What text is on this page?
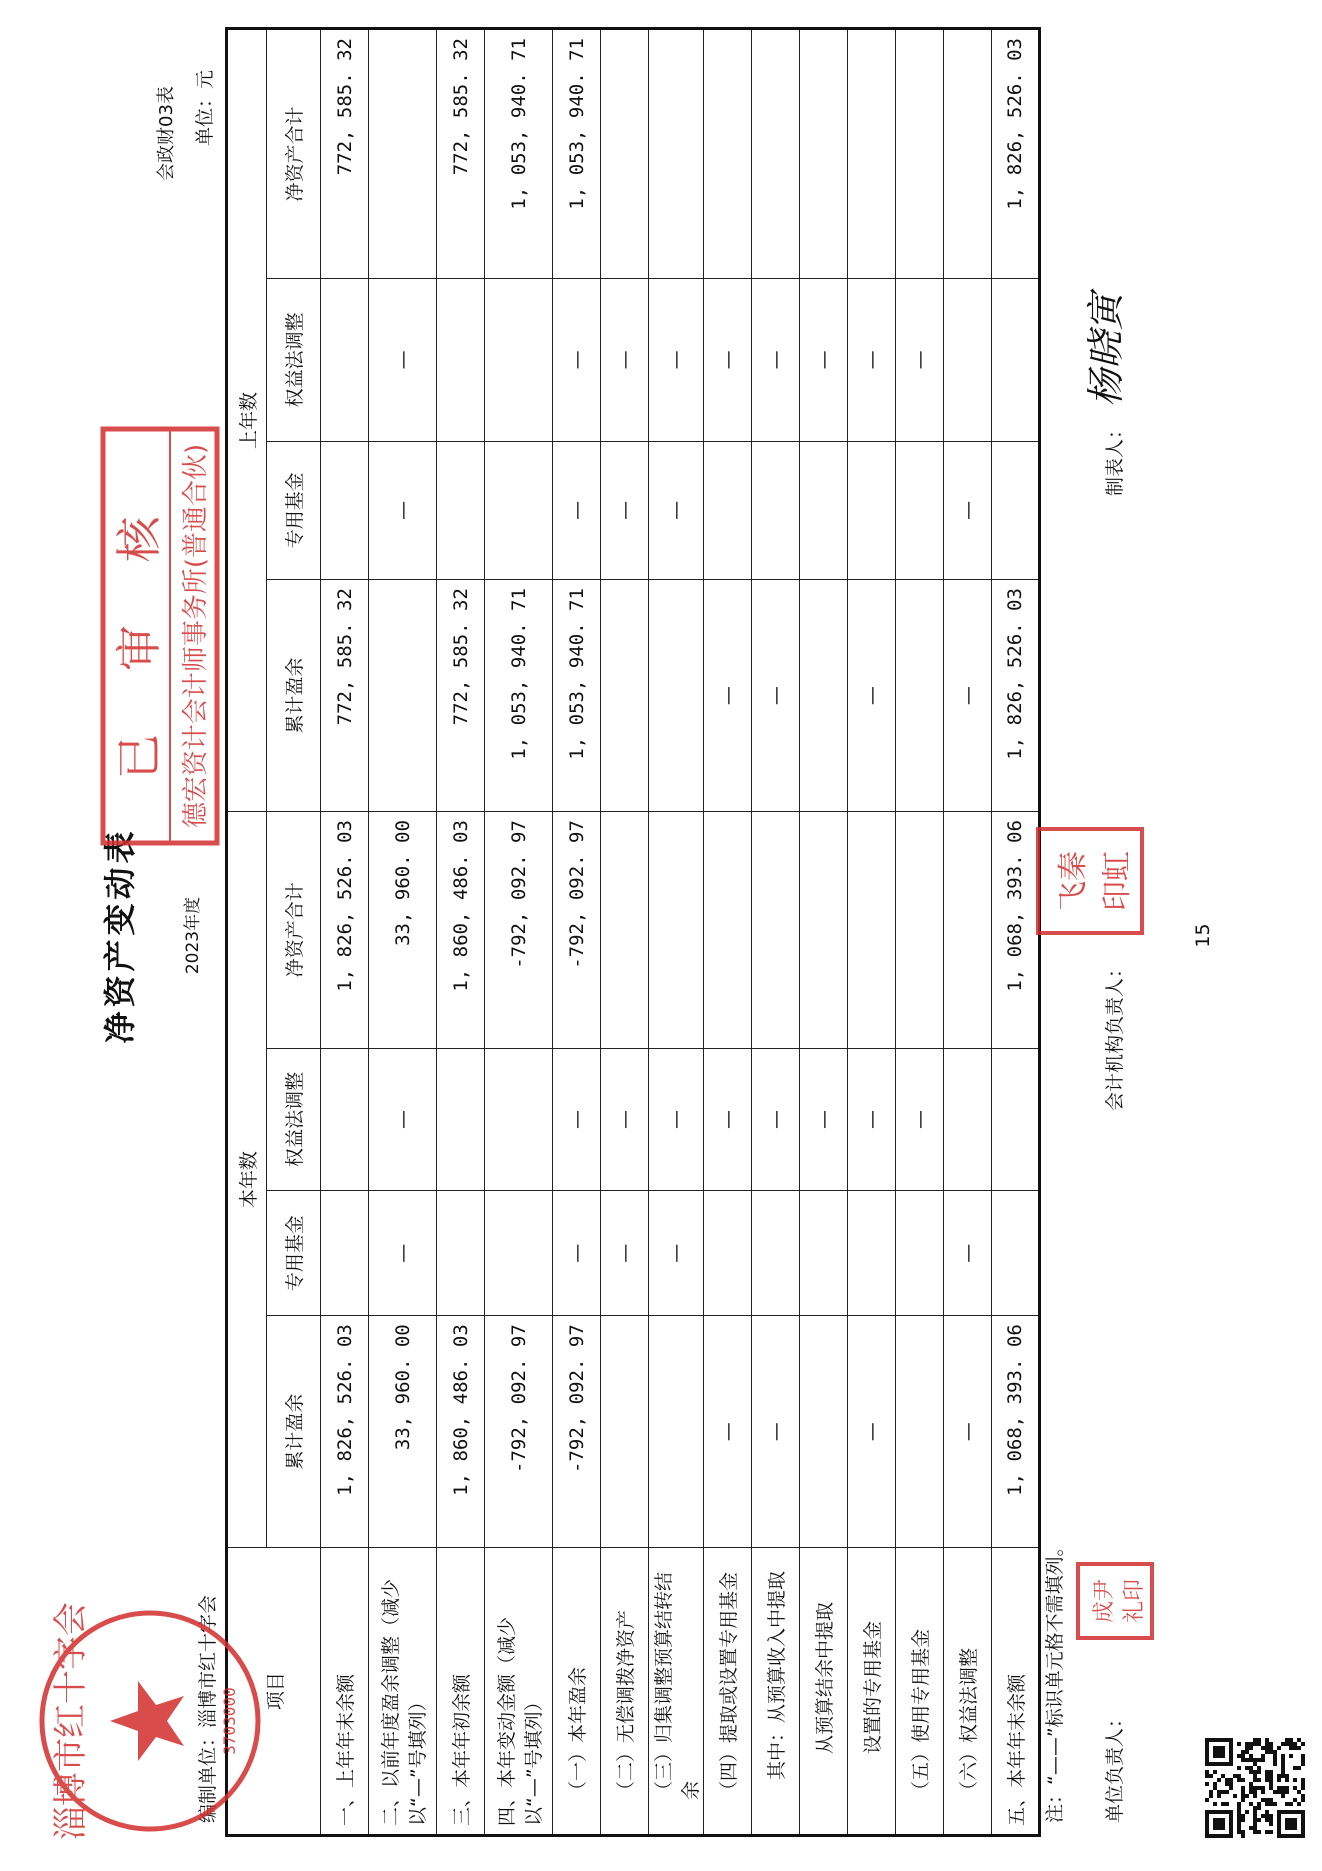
净资产变动表
会政财03表
2023年度
编制单位：淄博市红十字会
单位：元
项目	本年数				上年数			
	累计盈余	专用基金	权益法调整	净资产合计	累计盈余	专用基金	权益法调整	净资产合计
一、上年年末余额	1, 826, 526. 03			1, 826, 526. 03	772, 585. 32			772, 585. 32
二、以前年度盈余调整（减少以“—”号填列）	33, 960. 00	—	—	33, 960. 00		—	—	
三、本年年初余额	1, 860, 486. 03			1, 860, 486. 03	772, 585. 32			772, 585. 32
四、本年变动金额（减少以“—”号填列）	-792, 092. 97			-792, 092. 97	1, 053, 940. 71			1, 053, 940. 71
（一）本年盈余	-792, 092. 97	—	—	-792, 092. 97	1, 053, 940. 71	—	—	1, 053, 940. 71
（二）无偿调拨净资产		—	—			—	—	
（三）归集调整预算结转结余		—	—			—	—	
（四）提取或设置专用基金	—		—		—		—	
其中：从预算收入中提取	—		—		—		—	
从预算结余中提取			—				—	
设置的专用基金	—		—		—		—	
（五）使用专用基金			—				—	
（六）权益法调整	—	—			—	—		
五、本年年末余额	1, 068, 393. 06			1, 068, 393. 06	1, 826, 526. 03			1, 826, 526. 03
注：“——”标识单元格不需填列。 单位负责人：
会计机构负责人：
制表人：
15
淄博市红十字会	3703000
已 审 核 德宏资计会计师事务所(普通合伙)
成尹 礼印
飞秦 印虹
杨晓寅
